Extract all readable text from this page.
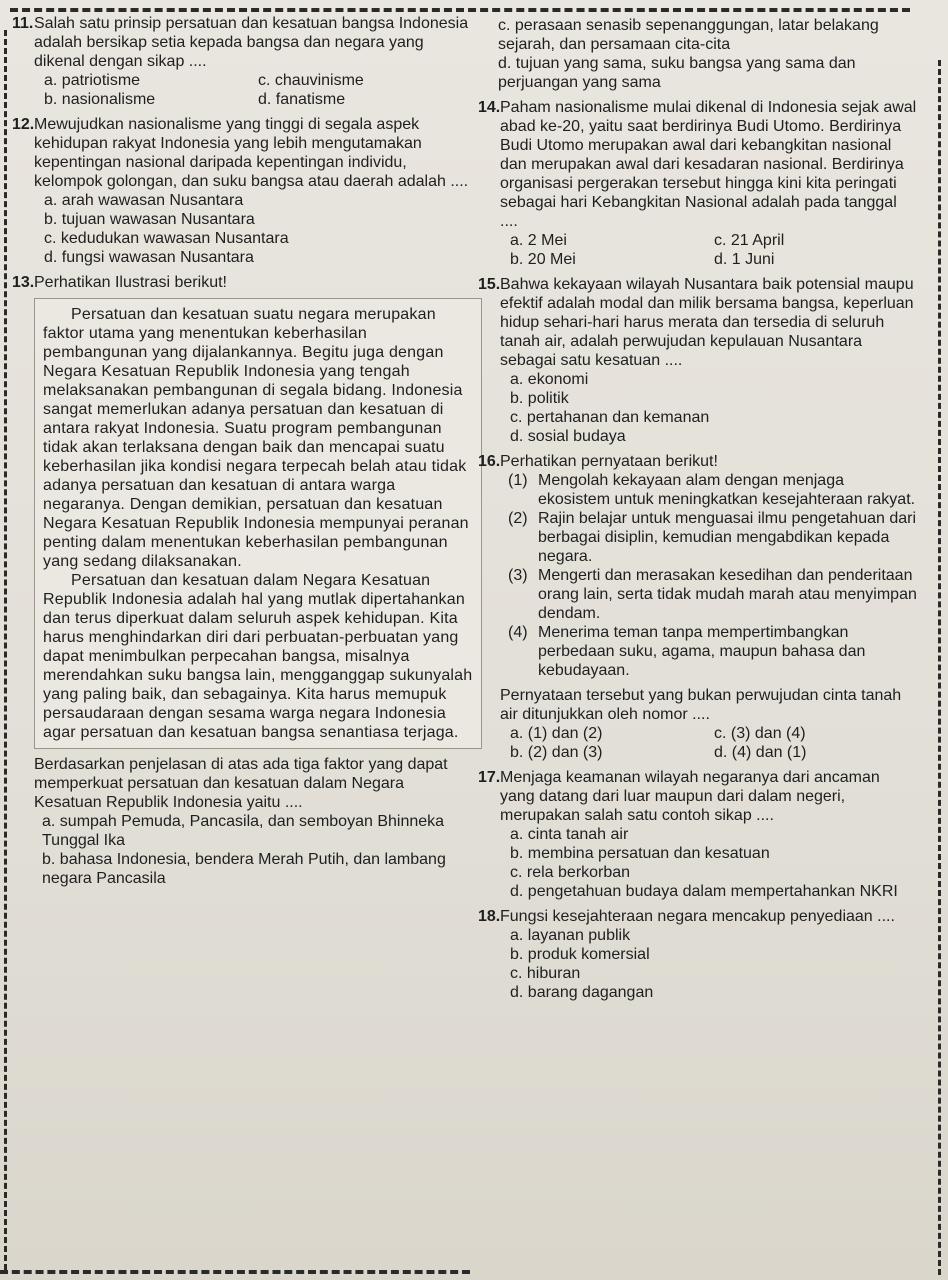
11. Salah satu prinsip persatuan dan kesatuan bangsa Indonesia adalah bersikap setia kepada bangsa dan negara yang dikenal dengan sikap ....
a. patriotisme	c. chauvinisme
b. nasionalisme	d. fanatisme
12. Mewujudkan nasionalisme yang tinggi di segala aspek kehidupan rakyat Indonesia yang lebih mengutamakan kepentingan nasional daripada kepentingan individu, kelompok golongan, dan suku bangsa atau daerah adalah ....
a. arah wawasan Nusantara
b. tujuan wawasan Nusantara
c. kedudukan wawasan Nusantara
d. fungsi wawasan Nusantara
13. Perhatikan Ilustrasi berikut!

Persatuan dan kesatuan suatu negara merupakan faktor utama yang menentukan keberhasilan pembangunan yang dijalankannya. Begitu juga dengan Negara Kesatuan Republik Indonesia yang tengah melaksanakan pembangunan di segala bidang. Indonesia sangat memerlukan adanya persatuan dan kesatuan di antara rakyat Indonesia. Suatu program pembangunan tidak akan terlaksana dengan baik dan mencapai suatu keberhasilan jika kondisi negara terpecah belah atau tidak adanya persatuan dan kesatuan di antara warga negaranya. Dengan demikian, persatuan dan kesatuan Negara Kesatuan Republik Indonesia mempunyai peranan penting dalam menentukan keberhasilan pembangunan yang sedang dilaksanakan.

Persatuan dan kesatuan dalam Negara Kesatuan Republik Indonesia adalah hal yang mutlak dipertahankan dan terus diperkuat dalam seluruh aspek kehidupan. Kita harus menghindarkan diri dari perbuatan-perbuatan yang dapat menimbulkan perpecahan bangsa, misalnya merendahkan suku bangsa lain, mengganggap sukunyalah yang paling baik, dan sebagainya. Kita harus memupuk persaudaraan dengan sesama warga negara Indonesia agar persatuan dan kesatuan bangsa senantiasa terjaga.

Berdasarkan penjelasan di atas ada tiga faktor yang dapat memperkuat persatuan dan kesatuan dalam Negara Kesatuan Republik Indonesia yaitu ....
a. sumpah Pemuda, Pancasila, dan semboyan Bhinneka Tunggal Ika
b. bahasa Indonesia, bendera Merah Putih, dan lambang negara Pancasila
c. perasaan senasib sepenanggungan, latar belakang sejarah, dan persamaan cita-cita
d. tujuan yang sama, suku bangsa yang sama dan perjuangan yang sama
14. Paham nasionalisme mulai dikenal di Indonesia sejak awal abad ke-20, yaitu saat berdirinya Budi Utomo. Berdirinya Budi Utomo merupakan awal dari kebangkitan nasional dan merupakan awal dari kesadaran nasional. Berdirinya organisasi pergerakan tersebut hingga kini kita peringati sebagai hari Kebangkitan Nasional adalah pada tanggal ....
a. 2 Mei	c. 21 April
b. 20 Mei	d. 1 Juni
15. Bahwa kekayaan wilayah Nusantara baik potensial maupu efektif adalah modal dan milik bersama bangsa, keperluan hidup sehari-hari harus merata dan tersedia di seluruh tanah air, adalah perwujudan kepulauan Nusantara sebagai satu kesatuan ....
a. ekonomi
b. politik
c. pertahanan dan kemanan
d. sosial budaya
16. Perhatikan pernyataan berikut!
(1) Mengolah kekayaan alam dengan menjaga ekosistem untuk meningkatkan kesejahteraan rakyat.
(2) Rajin belajar untuk menguasai ilmu pengetahuan dari berbagai disiplin, kemudian mengabdikan kepada negara.
(3) Mengerti dan merasakan kesedihan dan penderitaan orang lain, serta tidak mudah marah atau menyimpan dendam.
(4) Menerima teman tanpa mempertimbangkan perbedaan suku, agama, maupun bahasa dan kebudayaan.
Pernyataan tersebut yang bukan perwujudan cinta tanah air ditunjukkan oleh nomor ....
a. (1) dan (2)	c. (3) dan (4)
b. (2) dan (3)	d. (4) dan (1)
17. Menjaga keamanan wilayah negaranya dari ancaman yang datang dari luar maupun dari dalam negeri, merupakan salah satu contoh sikap ....
a. cinta tanah air
b. membina persatuan dan kesatuan
c. rela berkorban
d. pengetahuan budaya dalam mempertahankan NKRI
18. Fungsi kesejahteraan negara mencakup penyediaan ....
a. layanan publik
b. produk komersial
c. hiburan
d. barang dagangan
